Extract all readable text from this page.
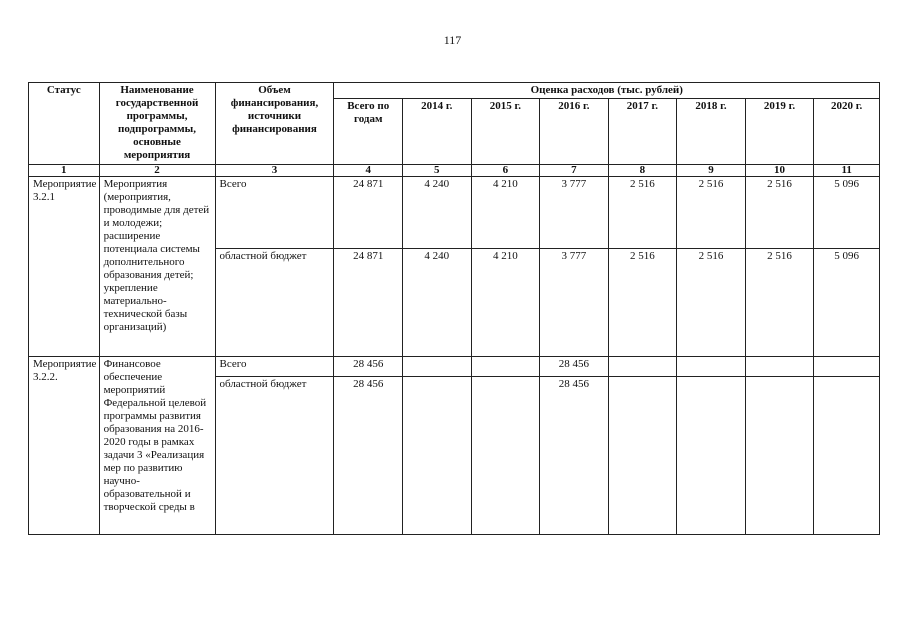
117
Статус	Наименование государственной программы, подпрограммы, основные мероприятия	Объем финансирования, источники финансирования	Оценка расходов (тыс. рублей)							
			Всего по годам	2014 г.	2015 г.	2016 г.	2017 г.	2018 г.	2019 г.	2020 г.
1	2	3	4	5	6	7	8	9	10	11
Мероприятие 3.2.1	Мероприятия (мероприятия, проводимые для детей и молодежи; расширение потенциала системы дополнительного образования детей; укрепление материально-технической базы организаций)	Всего	24 871	4 240	4 210	3 777	2 516	2 516	2 516	5 096
		областной бюджет	24 871	4 240	4 210	3 777	2 516	2 516	2 516	5 096
Мероприятие 3.2.2.	Финансовое обеспечение мероприятий Федеральной целевой программы развития образования на 2016-2020 годы в рамках задачи 3 «Реализация мер по развитию научно-образовательной и творческой среды в	Всего	28 456			28 456				
		областной бюджет	28 456			28 456				
